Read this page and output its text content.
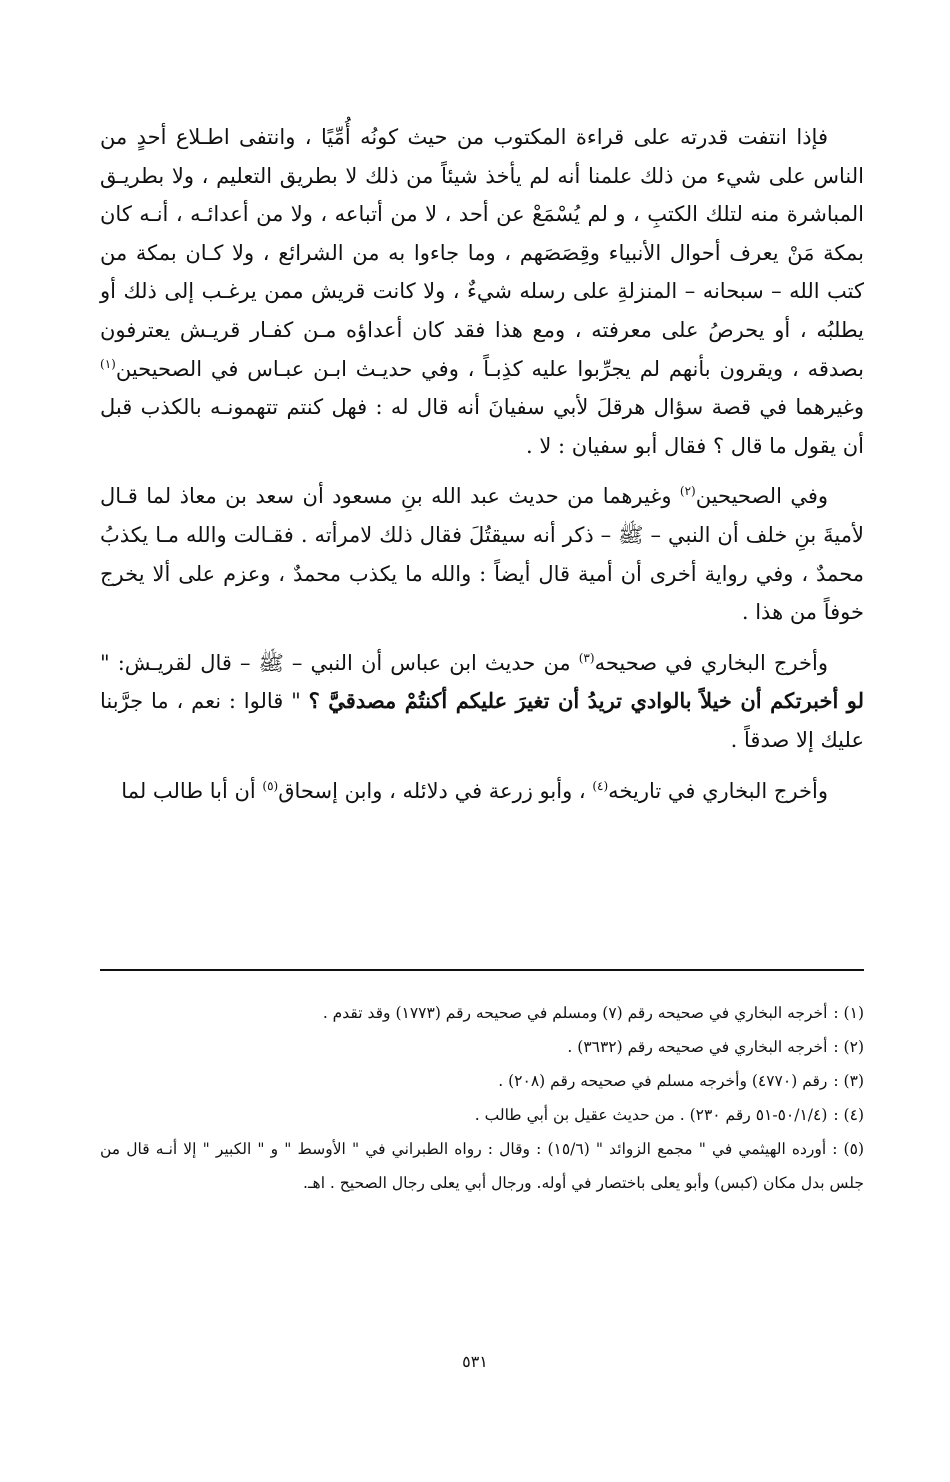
فإذا انتفت قدرته على قراءة المكتوب من حيث كونُه أُمِّيًا ، وانتفى اطـلاع أحدٍ من الناس على شيء من ذلك علمنا أنه لم يأخذ شيئاً من ذلك لا بطريق التعليم ، ولا بطريـق المباشرة منه لتلك الكتبِ ، و لم يُسْمَعْ عن أحد ، لا من أتباعه ، ولا من أعدائـه ، أنـه كان بمكة مَنْ يعرف أحوال الأنبياء وقِصَصَهم ، وما جاءوا به من الشرائع ، ولا كـان بمكة من كتب الله – سبحانه – المنزلةِ على رسله شيءٌ ، ولا كانت قريش ممن يرغـب إلى ذلك أو يطلبُه ، أو يحرصُ على معرفته ، ومع هذا فقد كان أعداؤه مـن كفـار قريـش يعترفون بصدقه ، ويقرون بأنهم لم يجرِّبوا عليه كذِبـاً ، وفي حديـث ابـن عبـاس في الصحيحين$^{(١)}$ وغيرهما في قصة سؤال هرقلَ لأبي سفيانَ أنه قال له : فهل كنتم تتهمونـه بالكذب قبل أن يقول ما قال ؟ فقال أبو سفيان : لا .

وفي الصحيحين$^{(٢)}$ وغيرهما من حديث عبد الله بنِ مسعود أن سعد بن معاذ لما قـال لأميةَ بنِ خلف أن النبي – ﷺ – ذكر أنه سيقتُلَ فقال ذلك لامرأته . فقـالت والله مـا يكذبُ محمدٌ ، وفي رواية أخرى أن أمية قال أيضاً : والله ما يكذب محمدٌ ، وعزم على ألا يخرج خوفاً من هذا .

وأخرج البخاري في صحيحه$^{(٣)}$ من حديث ابن عباس أن النبي – ﷺ – قال لقريـش: " لو أخبرتكم أن خيلاً بالوادي تريدُ أن تغيرَ عليكم أكنتُمْ مصدقيَّ ؟ " قالوا : نعم ، ما جرَّبنا عليك إلا صدقاً .

وأخرج البخاري في تاريخه$^{(٤)}$ ، وأبو زرعة في دلائله ، وابن إسحاق$^{(٥)}$ أن أبا طالب لما

(١) :أخرجه البخاري في صحيحه رقم (٧) ومسلم في صحيحه رقم (١٧٧٣) وقد تقدم .

(٢) :أخرجه البخاري في صحيحه رقم (٣٦٣٢) .

(٣) :رقم (٤٧٧٠) وأخرجه مسلم في صحيحه رقم (٢٠٨) .

(٤) :(٥٠/١/٤-٥١ رقم ٢٣٠) . من حديث عقيل بن أبي طالب .

(٥) :أورده الهيثمي في " مجمع الزوائد " (١٥/٦) : وقال : رواه الطبراني في " الأوسط " و " الكبير " إلا أنـه قال من جلس بدل مكان (كبس) وأبو يعلى باختصار في أوله. ورجال أبي يعلى رجال الصحيح . اهـ.

٥٣١
